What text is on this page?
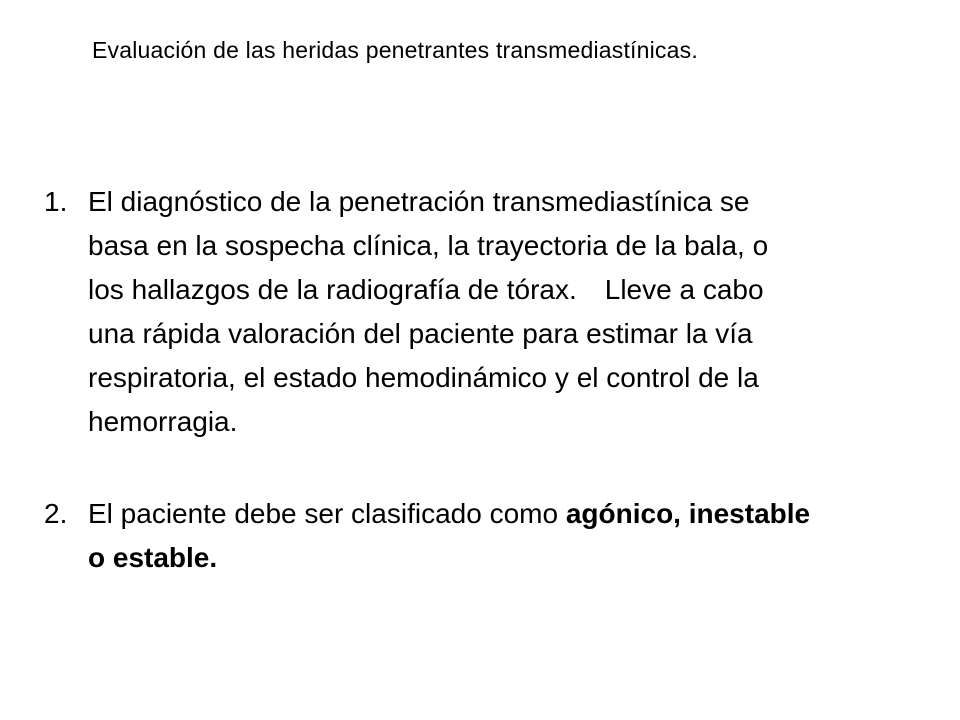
Evaluación de las heridas penetrantes transmediastínicas.
1. El diagnóstico de la penetración transmediastínica se
basa en la sospecha clínica, la trayectoria de la bala, o
los hallazgos de la radiografía de tórax. Lleve a cabo
una rápida valoración del paciente para estimar la vía
respiratoria, el estado hemodinámico y el control de la
hemorragia.
2. El paciente debe ser clasificado como agónico, inestable
o estable.
